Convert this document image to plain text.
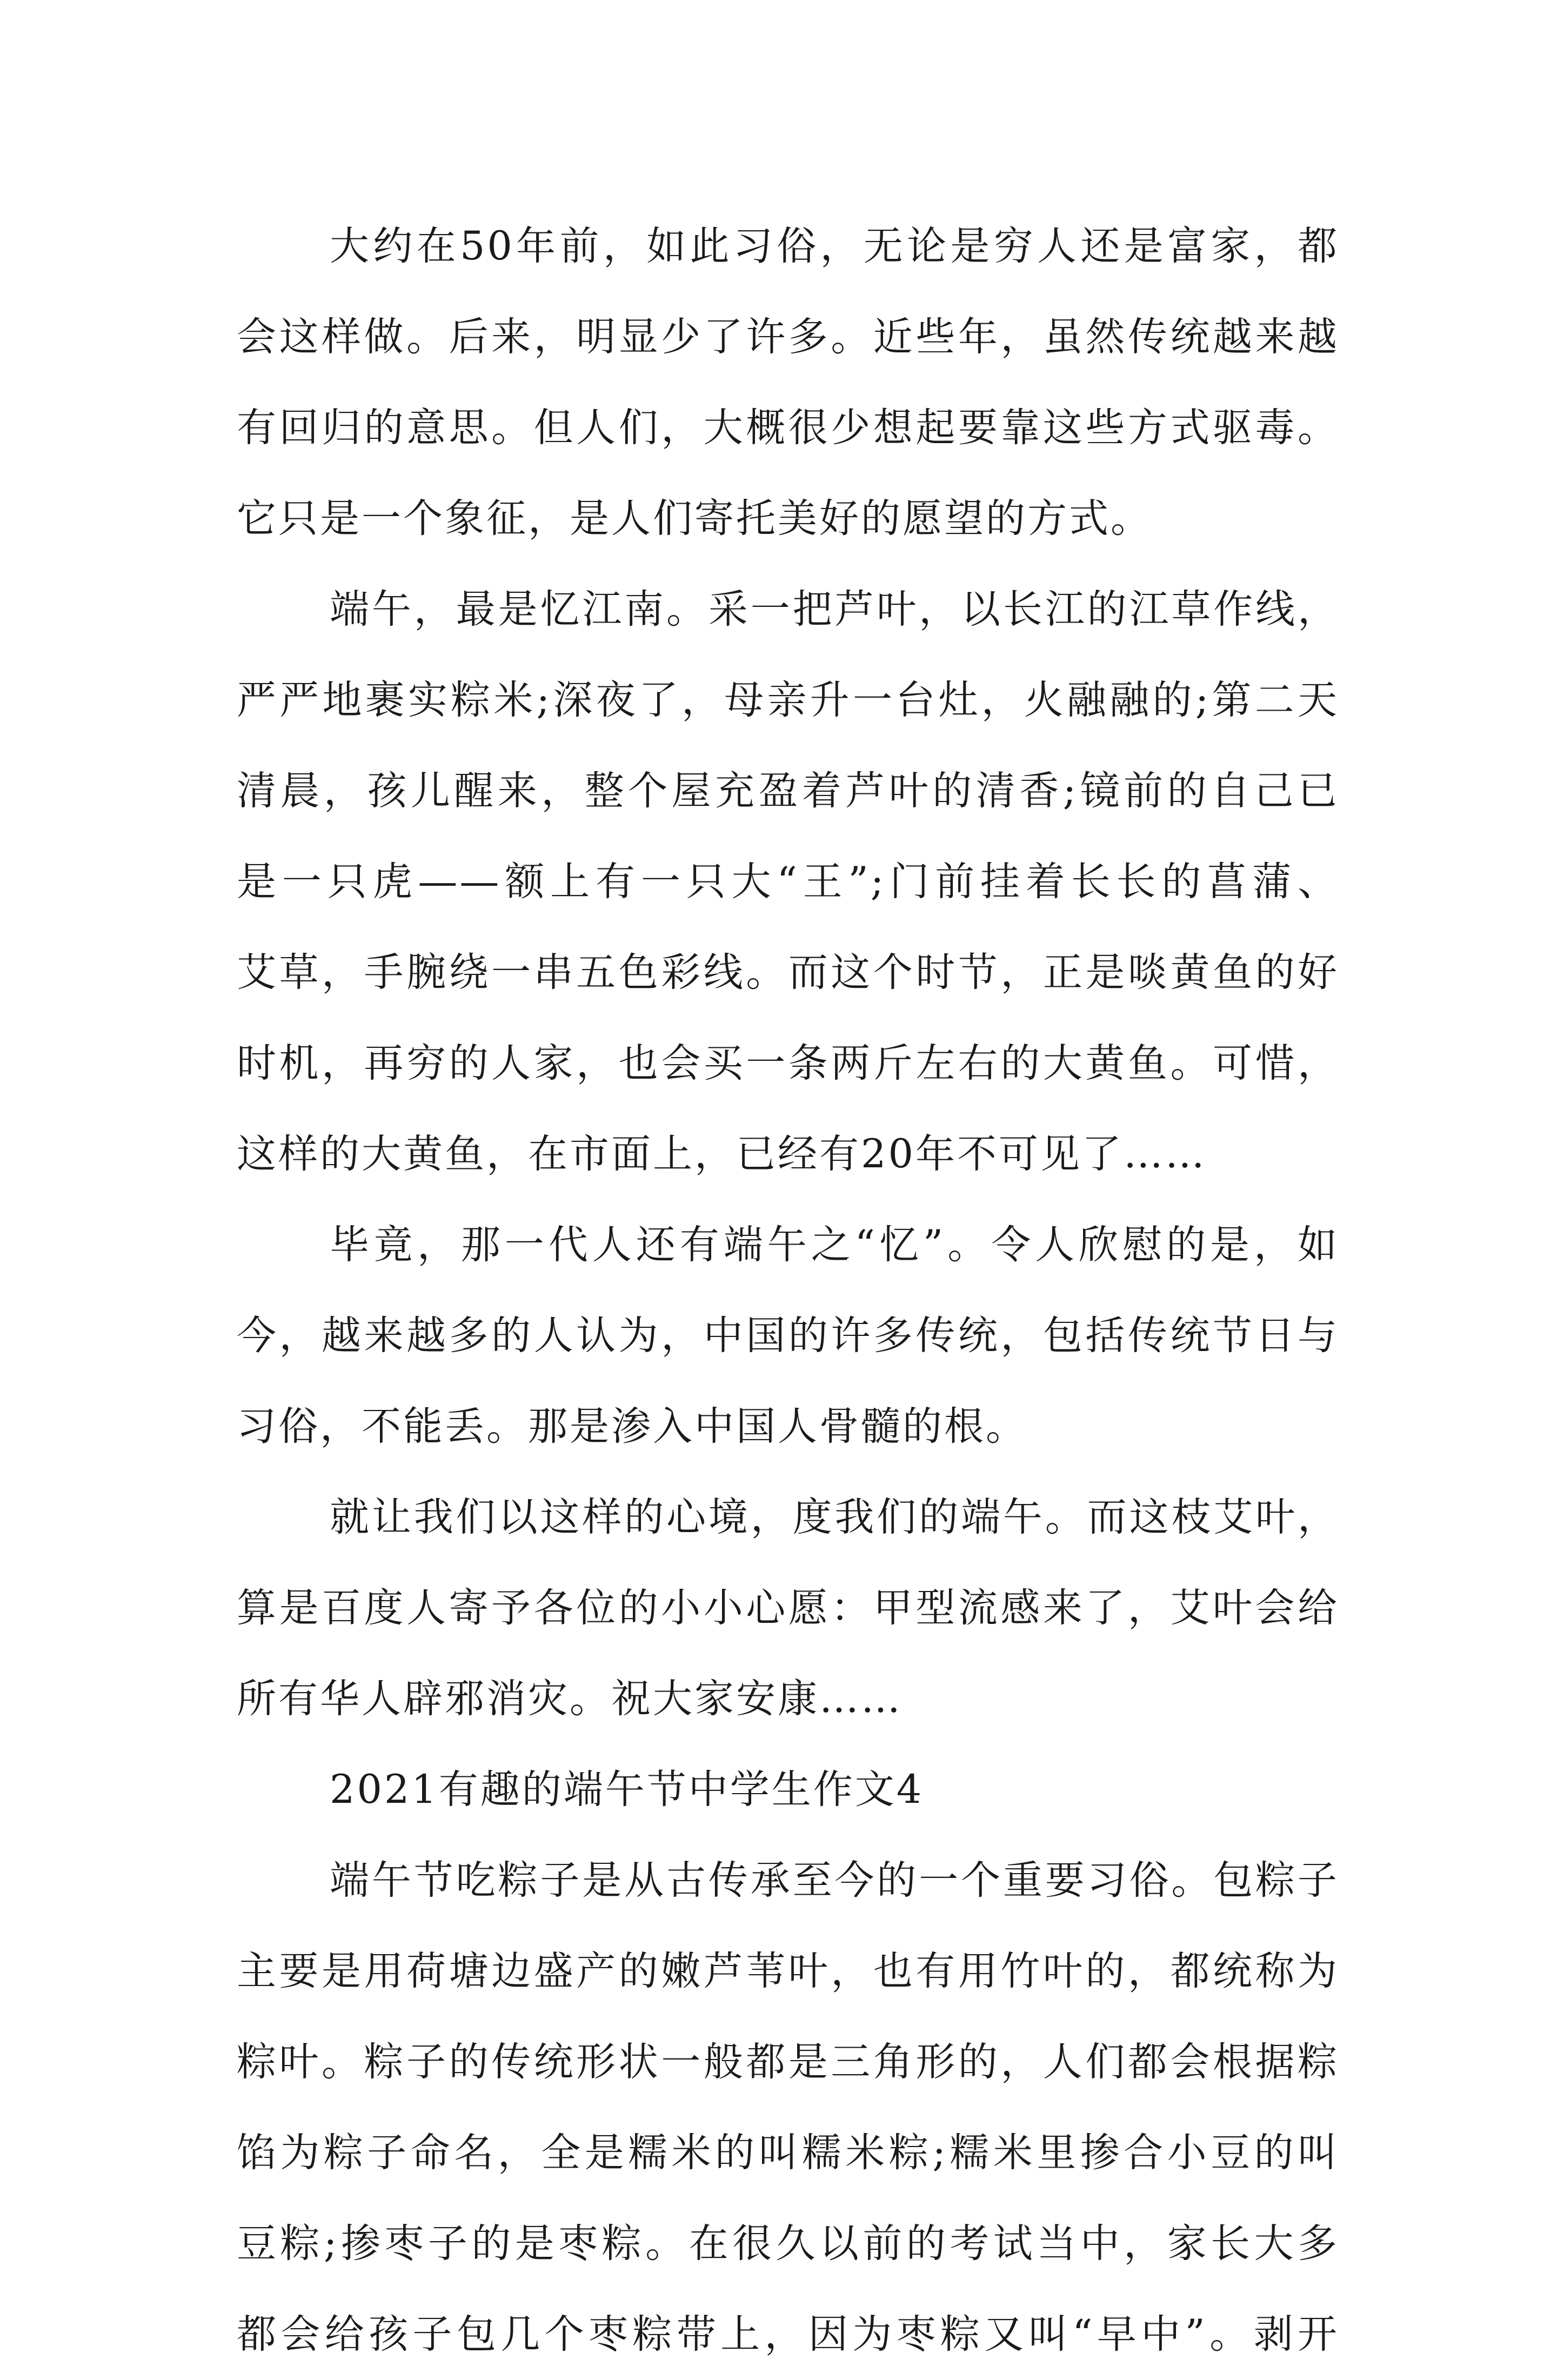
大约在50年前，如此习俗，无论是穷人还是富家，都
会这样做。后来，明显少了许多。近些年，虽然传统越来越
有回归的意思。但人们，大概很少想起要靠这些方式驱毒。
它只是一个象征，是人们寄托美好的愿望的方式。
端午，最是忆江南。采一把芦叶，以长江的江草作线，
严严地裹实粽米;深夜了，母亲升一台灶，火融融的;第二天
清晨，孩儿醒来，整个屋充盈着芦叶的清香;镜前的自己已
是一只虎——额上有一只大“王”;门前挂着长长的菖蒲、
艾草，手腕绕一串五色彩线。而这个时节，正是啖黄鱼的好
时机，再穷的人家，也会买一条两斤左右的大黄鱼。可惜，
这样的大黄鱼，在市面上，已经有20年不可见了……
毕竟，那一代人还有端午之“忆”。令人欣慰的是，如
今，越来越多的人认为，中国的许多传统，包括传统节日与
习俗，不能丢。那是渗入中国人骨髓的根。
就让我们以这样的心境，度我们的端午。而这枝艾叶，
算是百度人寄予各位的小小心愿：甲型流感来了，艾叶会给
所有华人辟邪消灾。祝大家安康……
2021有趣的端午节中学生作文4
端午节吃粽子是从古传承至今的一个重要习俗。包粽子
主要是用荷塘边盛产的嫩芦苇叶，也有用竹叶的，都统称为
粽叶。粽子的传统形状一般都是三角形的，人们都会根据粽
馅为粽子命名，全是糯米的叫糯米粽;糯米里掺合小豆的叫
豆粽;掺枣子的是枣粽。在很久以前的考试当中，家长大多
都会给孩子包几个枣粽带上，因为枣粽又叫“早中”。剥开
